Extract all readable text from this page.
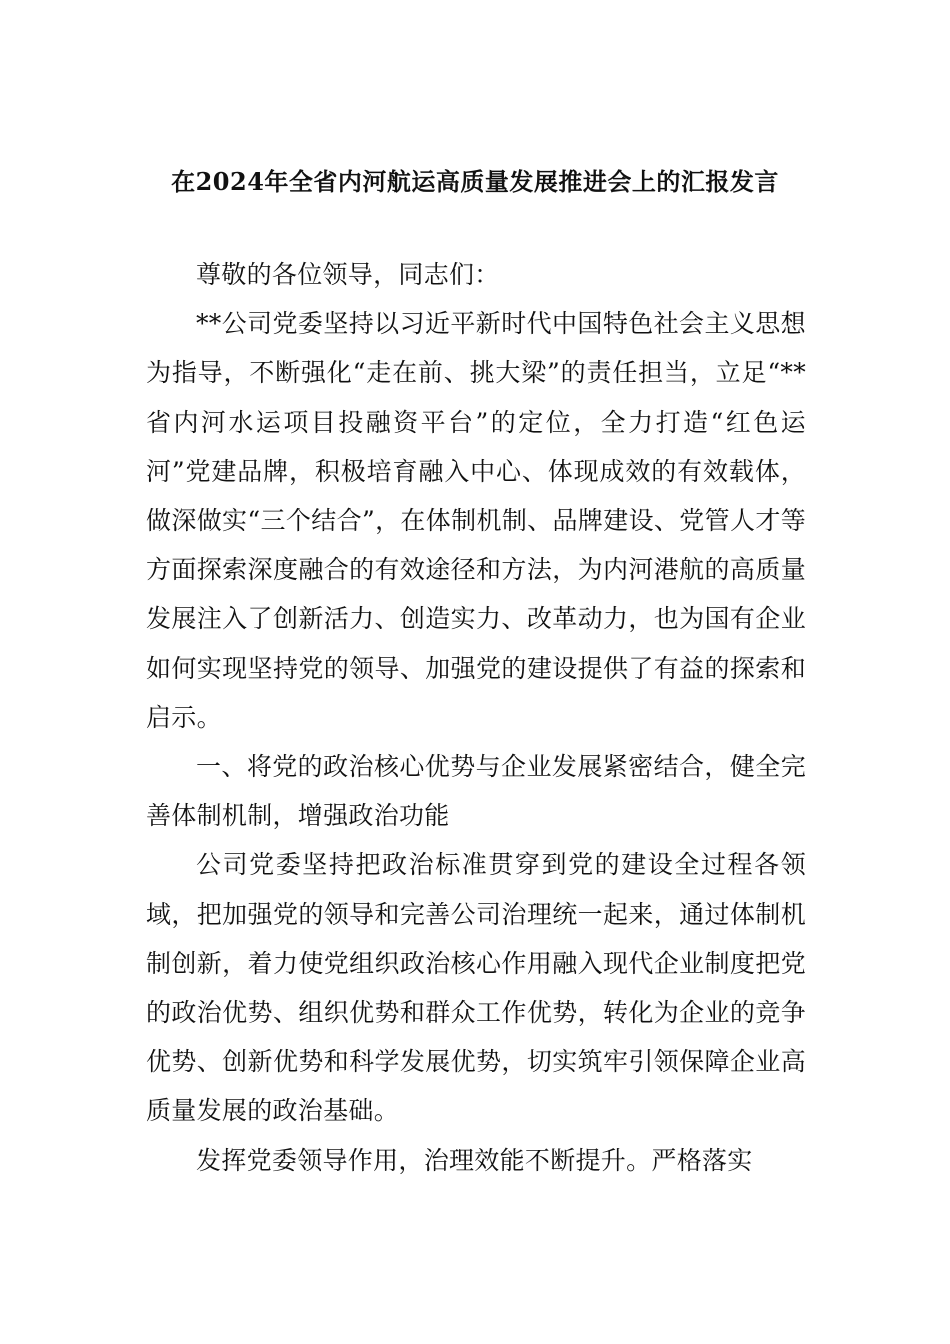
在2024年全省内河航运高质量发展推进会上的汇报发言

尊敬的各位领导，同志们：

**公司党委坚持以习近平新时代中国特色社会主义思想为指导，不断强化“走在前、挑大梁”的责任担当，立足“**省内河水运项目投融资平台”的定位，全力打造“红色运河”党建品牌，积极培育融入中心、体现成效的有效载体，做深做实“三个结合”，在体制机制、品牌建设、党管人才等方面探索深度融合的有效途径和方法，为内河港航的高质量发展注入了创新活力、创造实力、改革动力，也为国有企业如何实现坚持党的领导、加强党的建设提供了有益的探索和启示。

一、将党的政治核心优势与企业发展紧密结合，健全完善体制机制，增强政治功能

公司党委坚持把政治标准贯穿到党的建设全过程各领域，把加强党的领导和完善公司治理统一起来，通过体制机制创新，着力使党组织政治核心作用融入现代企业制度把党的政治优势、组织优势和群众工作优势，转化为企业的竞争优势、创新优势和科学发展优势，切实筑牢引领保障企业高质量发展的政治基础。

发挥党委领导作用，治理效能不断提升。严格落实
